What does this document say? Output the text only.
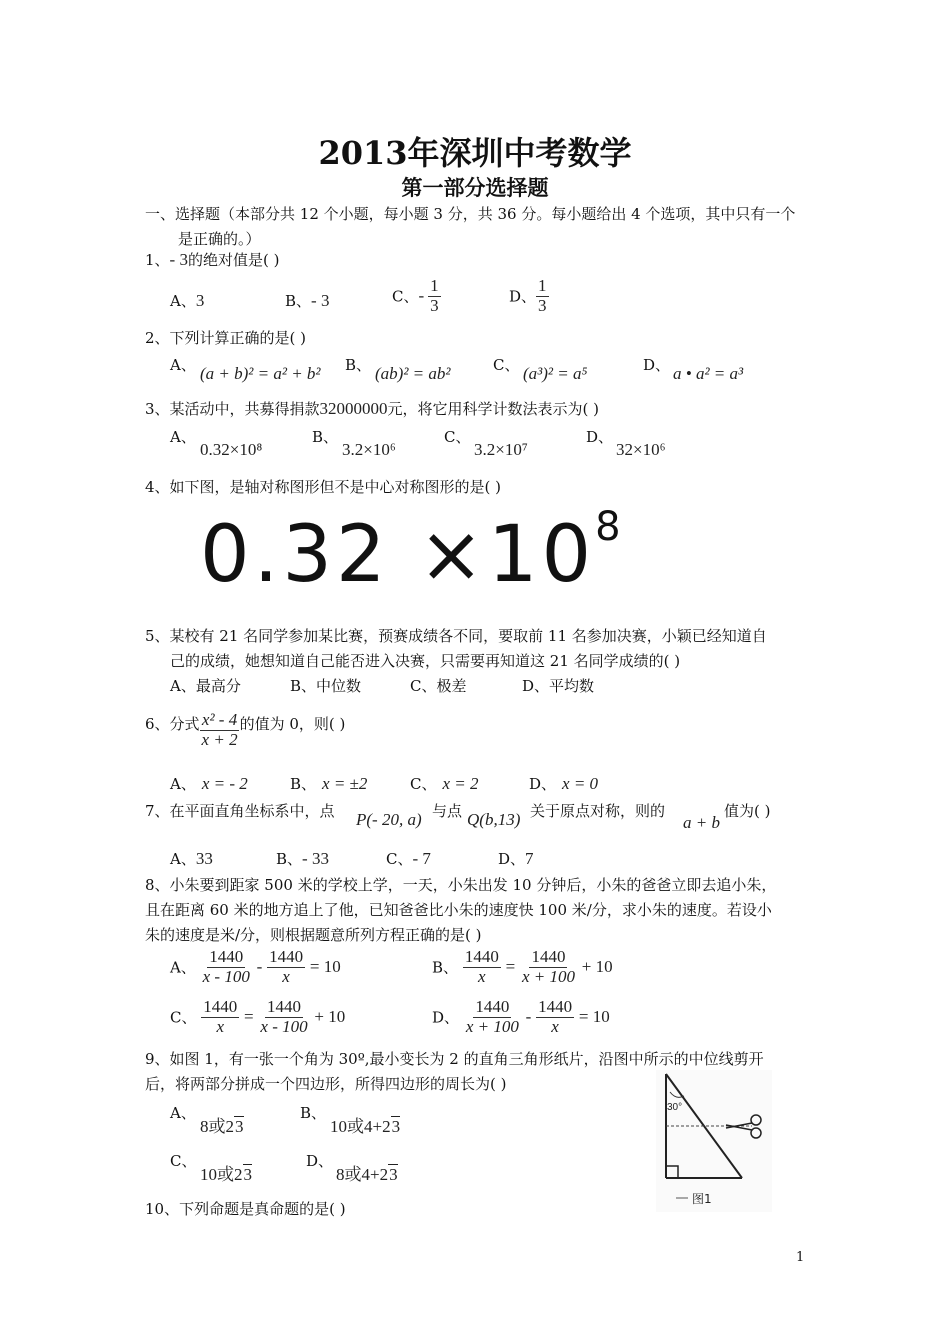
2013年深圳中考数学
第一部分选择题
一、选择题（本部分共 12 个小题，每小题 3 分，共 36 分。每小题给出 4 个选项，其中只有一个
是正确的。）
1、- 3的绝对值是( )
A、3	B、- 3	C、- $\frac{1}{3}$	D、 $\frac{1}{3}$
2、下列计算正确的是( )
A、 (a + b)² = a² + b² B、 (ab)² = ab²	C、 (a³)² = a⁵	D、 a • a² = a³
3、某活动中，共募得捐款32000000元，将它用科学计数法表示为( )
A、
0.32×10⁸
B、
3.2×10⁶
C、
3.2×10⁷
D、
32×10⁶
4、如下图，是轴对称图形但不是中心对称图形的是( )
$0.32 \times 10^8$
5、某校有 21 名同学参加某比赛，预赛成绩各不同，要取前 11 名参加决赛，小颖已经知道自
己的成绩，她想知道自己能否进入决赛，只需要再知道这 21 名同学成绩的( )
A、最高分	B、中位数	C、极差	D、平均数
6、分式 $\frac{\text{x² - 4}}{x + 2}$ 的值为 0，则( )
A、 x = - 2	B、 x = ±2	C、 x = 2	D、 x = 0
7、在平面直角坐标系中，点 P(- 20, a) 与点 Q(b,13) 关于原点对称，则的
a + b
值为( )
A、33	B、- 33	C、- 7	D、7
8、小朱要到距家 500 米的学校上学，一天，小朱出发 10 分钟后，小朱的爸爸立即去追小朱，
且在距离 60 米的地方追上了他，已知爸爸比小朱的速度快 100 米/分，求小朱的速度。若设小
朱的速度是米/分，则根据题意所列方程正确的是( )
A、 $\frac{1440}{x - 100} - \frac{1440}{x} = 10$	B、 $\frac{1440}{x} = \frac{1440}{x + 100} + 10$
C、 $\frac{1440}{x} = \frac{1440}{x - 100} + 10$	D、 $\frac{1440}{x + 100} - \frac{1440}{x} = 10$
9、如图 1，有一张一个角为 30º,最小变长为 2 的直角三角形纸片，沿图中所示的中位线剪开
后，将两部分拼成一个四边形，所得四边形的周长为( )
A、
8或23
B、
10或4+23
C、
10或23
D、
8或4+23
30°
图1
10、下列命题是真命题的是( )
1
